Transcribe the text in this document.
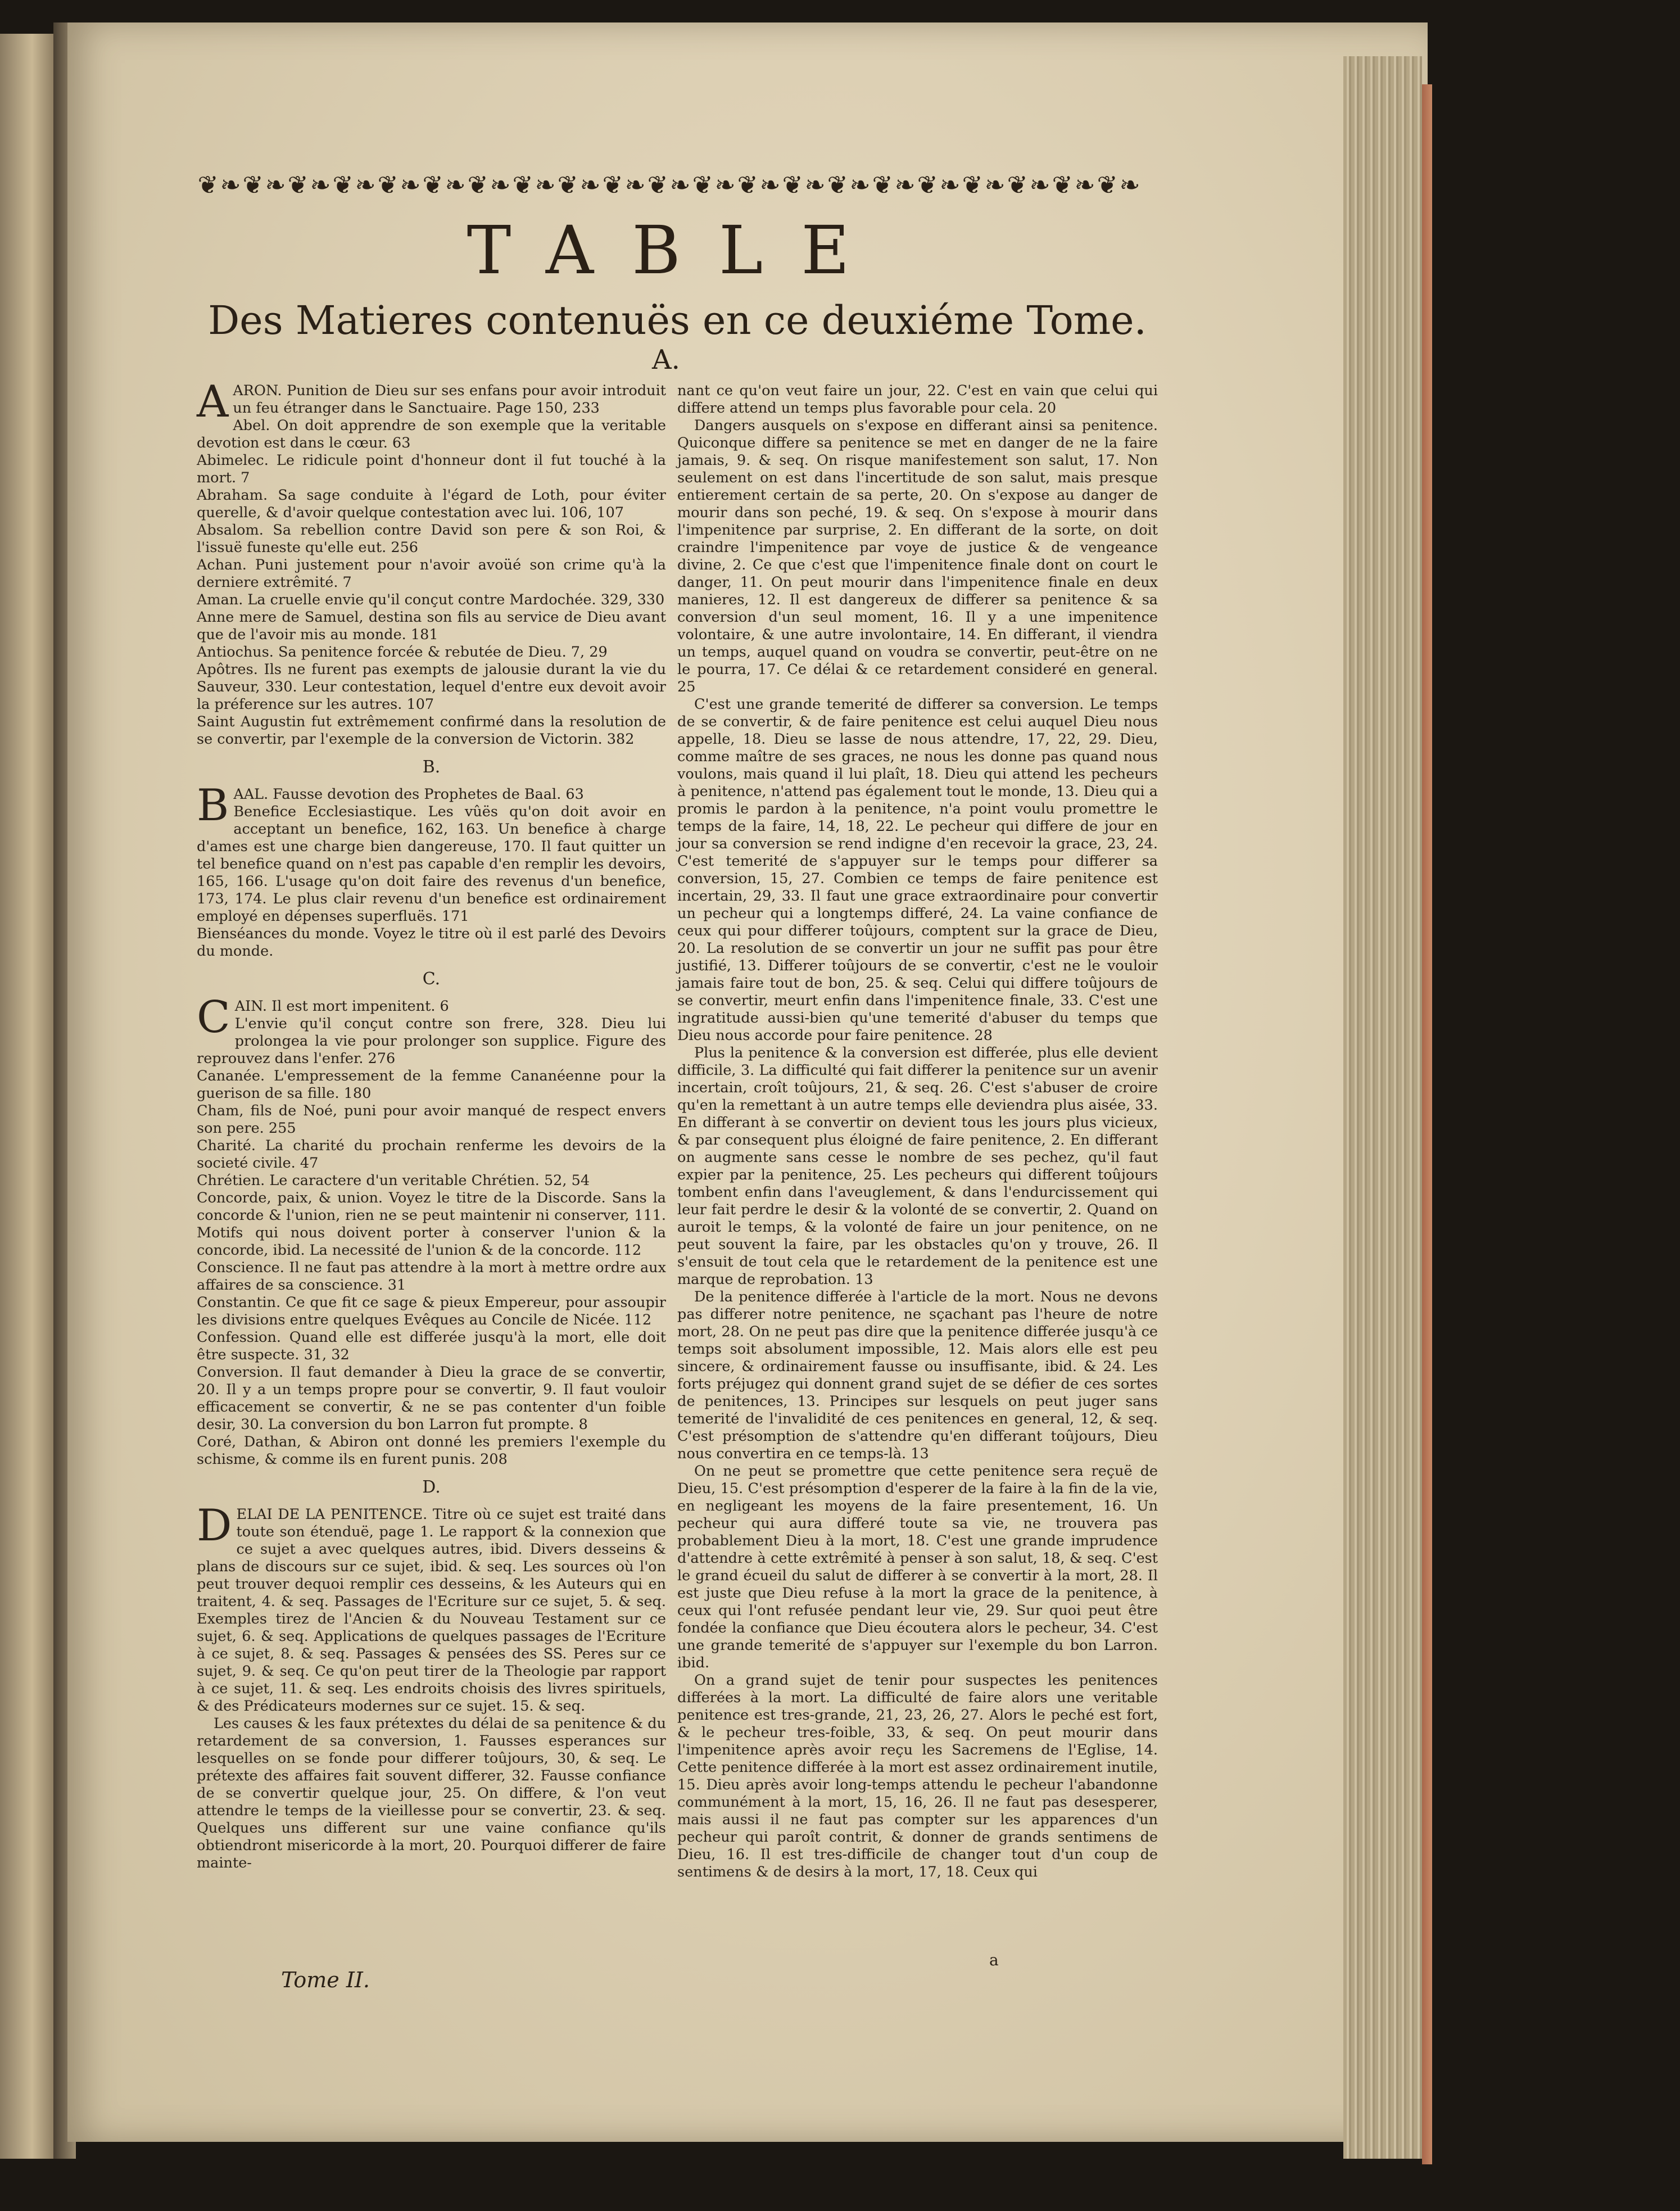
❦ ❧ ❦ ❧ ❦ ❧ ❦ ❧ ❦ ❧ ❦ ❧ ❦ ❧ ❦ ❧ ❦ ❧ ❦ ❧ ❦ ❧ ❦ ❧ ❦ ❧ ❦ ❧ ❦ ❧ ❦ ❧ ❦ ❧ ❦ ❧ ❦ ❧ ❦ ❧ ❦ ❧
TABLE
Des Matieres contenuës en ce deuxiéme Tome.
A.

AARON. Punition de Dieu sur ses enfans pour avoir introduit un feu étranger dans le Sanctuaire. Page 150, 233

Abel. On doit apprendre de son exemple que la veritable devotion est dans le cœur. 63

Abimelec. Le ridicule point d'honneur dont il fut touché à la mort. 7

Abraham. Sa sage conduite à l'égard de Loth, pour éviter querelle, & d'avoir quelque contestation avec lui. 106, 107

Absalom. Sa rebellion contre David son pere & son Roi, & l'issuë funeste qu'elle eut. 256

Achan. Puni justement pour n'avoir avoüé son crime qu'à la derniere extrêmité. 7

Aman. La cruelle envie qu'il conçut contre Mardochée. 329, 330

Anne mere de Samuel, destina son fils au service de Dieu avant que de l'avoir mis au monde. 181

Antiochus. Sa penitence forcée & rebutée de Dieu. 7, 29

Apôtres. Ils ne furent pas exempts de jalousie durant la vie du Sauveur, 330. Leur contestation, lequel d'entre eux devoit avoir la préference sur les autres. 107

Saint Augustin fut extrêmement confirmé dans la resolution de se convertir, par l'exemple de la conversion de Victorin. 382

B.

BAAL. Fausse devotion des Prophetes de Baal. 63

Benefice Ecclesiastique. Les vûës qu'on doit avoir en acceptant un benefice, 162, 163. Un benefice à charge d'ames est une charge bien dangereuse, 170. Il faut quitter un tel benefice quand on n'est pas capable d'en remplir les devoirs, 165, 166. L'usage qu'on doit faire des revenus d'un benefice, 173, 174. Le plus clair revenu d'un benefice est ordinairement employé en dépenses superfluës. 171

Bienséances du monde. Voyez le titre où il est parlé des Devoirs du monde.

C.

CAIN. Il est mort impenitent. 6

L'envie qu'il conçut contre son frere, 328. Dieu lui prolongea la vie pour prolonger son supplice. Figure des reprouvez dans l'enfer. 276

Cananée. L'empressement de la femme Cananéenne pour la guerison de sa fille. 180

Cham, fils de Noé, puni pour avoir manqué de respect envers son pere. 255

Charité. La charité du prochain renferme les devoirs de la societé civile. 47

Chrétien. Le caractere d'un veritable Chrétien. 52, 54

Concorde, paix, & union. Voyez le titre de la Discorde. Sans la concorde & l'union, rien ne se peut maintenir ni conserver, 111. Motifs qui nous doivent porter à conserver l'union & la concorde, ibid. La necessité de l'union & de la concorde. 112

Conscience. Il ne faut pas attendre à la mort à mettre ordre aux affaires de sa conscience. 31

Constantin. Ce que fit ce sage & pieux Empereur, pour assoupir les divisions entre quelques Evêques au Concile de Nicée. 112

Confession. Quand elle est differée jusqu'à la mort, elle doit être suspecte. 31, 32

Conversion. Il faut demander à Dieu la grace de se convertir, 20. Il y a un temps propre pour se convertir, 9. Il faut vouloir efficacement se convertir, & ne se pas contenter d'un foible desir, 30. La conversion du bon Larron fut prompte. 8

Coré, Dathan, & Abiron ont donné les premiers l'exemple du schisme, & comme ils en furent punis. 208

D.

DELAI DE LA PENITENCE. Titre où ce sujet est traité dans toute son étenduë, page 1. Le rapport & la connexion que ce sujet a avec quelques autres, ibid. Divers desseins & plans de discours sur ce sujet, ibid. & seq. Les sources où l'on peut trouver dequoi remplir ces desseins, & les Auteurs qui en traitent, 4. & seq. Passages de l'Ecriture sur ce sujet, 5. & seq. Exemples tirez de l'Ancien & du Nouveau Testament sur ce sujet, 6. & seq. Applications de quelques passages de l'Ecriture à ce sujet, 8. & seq. Passages & pensées des SS. Peres sur ce sujet, 9. & seq. Ce qu'on peut tirer de la Theologie par rapport à ce sujet, 11. & seq. Les endroits choisis des livres spirituels, & des Prédicateurs modernes sur ce sujet. 15. & seq.

Les causes & les faux prétextes du délai de sa penitence & du retardement de sa conversion, 1. Fausses esperances sur lesquelles on se fonde pour differer toûjours, 30, & seq. Le prétexte des affaires fait souvent differer, 32. Fausse confiance de se convertir quelque jour, 25. On differe, & l'on veut attendre le temps de la vieillesse pour se convertir, 23. & seq. Quelques uns different sur une vaine confiance qu'ils obtiendront misericorde à la mort, 20. Pourquoi differer de faire mainte-

nant ce qu'on veut faire un jour, 22. C'est en vain que celui qui differe attend un temps plus favorable pour cela. 20

Dangers ausquels on s'expose en differant ainsi sa penitence. Quiconque differe sa penitence se met en danger de ne la faire jamais, 9. & seq. On risque manifestement son salut, 17. Non seulement on est dans l'incertitude de son salut, mais presque entierement certain de sa perte, 20. On s'expose au danger de mourir dans son peché, 19. & seq. On s'expose à mourir dans l'impenitence par surprise, 2. En differant de la sorte, on doit craindre l'impenitence par voye de justice & de vengeance divine, 2. Ce que c'est que l'impenitence finale dont on court le danger, 11. On peut mourir dans l'impenitence finale en deux manieres, 12. Il est dangereux de differer sa penitence & sa conversion d'un seul moment, 16. Il y a une impenitence volontaire, & une autre involontaire, 14. En differant, il viendra un temps, auquel quand on voudra se convertir, peut-être on ne le pourra, 17. Ce délai & ce retardement consideré en general. 25

C'est une grande temerité de differer sa conversion. Le temps de se convertir, & de faire penitence est celui auquel Dieu nous appelle, 18. Dieu se lasse de nous attendre, 17, 22, 29. Dieu, comme maître de ses graces, ne nous les donne pas quand nous voulons, mais quand il lui plaît, 18. Dieu qui attend les pecheurs à penitence, n'attend pas également tout le monde, 13. Dieu qui a promis le pardon à la penitence, n'a point voulu promettre le temps de la faire, 14, 18, 22. Le pecheur qui differe de jour en jour sa conversion se rend indigne d'en recevoir la grace, 23, 24. C'est temerité de s'appuyer sur le temps pour differer sa conversion, 15, 27. Combien ce temps de faire penitence est incertain, 29, 33. Il faut une grace extraordinaire pour convertir un pecheur qui a longtemps differé, 24. La vaine confiance de ceux qui pour differer toûjours, comptent sur la grace de Dieu, 20. La resolution de se convertir un jour ne suffit pas pour être justifié, 13. Differer toûjours de se convertir, c'est ne le vouloir jamais faire tout de bon, 25. & seq. Celui qui differe toûjours de se convertir, meurt enfin dans l'impenitence finale, 33. C'est une ingratitude aussi-bien qu'une temerité d'abuser du temps que Dieu nous accorde pour faire penitence. 28

Plus la penitence & la conversion est differée, plus elle devient difficile, 3. La difficulté qui fait differer la penitence sur un avenir incertain, croît toûjours, 21, & seq. 26. C'est s'abuser de croire qu'en la remettant à un autre temps elle deviendra plus aisée, 33. En differant à se convertir on devient tous les jours plus vicieux, & par consequent plus éloigné de faire penitence, 2. En differant on augmente sans cesse le nombre de ses pechez, qu'il faut expier par la penitence, 25. Les pecheurs qui different toûjours tombent enfin dans l'aveuglement, & dans l'endurcissement qui leur fait perdre le desir & la volonté de se convertir, 2. Quand on auroit le temps, & la volonté de faire un jour penitence, on ne peut souvent la faire, par les obstacles qu'on y trouve, 26. Il s'ensuit de tout cela que le retardement de la penitence est une marque de reprobation. 13

De la penitence differée à l'article de la mort. Nous ne devons pas differer notre penitence, ne sçachant pas l'heure de notre mort, 28. On ne peut pas dire que la penitence differée jusqu'à ce temps soit absolument impossible, 12. Mais alors elle est peu sincere, & ordinairement fausse ou insuffisante, ibid. & 24. Les forts préjugez qui donnent grand sujet de se défier de ces sortes de penitences, 13. Principes sur lesquels on peut juger sans temerité de l'invalidité de ces penitences en general, 12, & seq. C'est présomption de s'attendre qu'en differant toûjours, Dieu nous convertira en ce temps-là. 13

On ne peut se promettre que cette penitence sera reçuë de Dieu, 15. C'est présomption d'esperer de la faire à la fin de la vie, en negligeant les moyens de la faire presentement, 16. Un pecheur qui aura differé toute sa vie, ne trouvera pas probablement Dieu à la mort, 18. C'est une grande imprudence d'attendre à cette extrêmité à penser à son salut, 18, & seq. C'est le grand écueil du salut de differer à se convertir à la mort, 28. Il est juste que Dieu refuse à la mort la grace de la penitence, à ceux qui l'ont refusée pendant leur vie, 29. Sur quoi peut être fondée la confiance que Dieu écoutera alors le pecheur, 34. C'est une grande temerité de s'appuyer sur l'exemple du bon Larron. ibid.

On a grand sujet de tenir pour suspectes les penitences differées à la mort. La difficulté de faire alors une veritable penitence est tres-grande, 21, 23, 26, 27. Alors le peché est fort, & le pecheur tres-foible, 33, & seq. On peut mourir dans l'impenitence après avoir reçu les Sacremens de l'Eglise, 14. Cette penitence differée à la mort est assez ordinairement inutile, 15. Dieu après avoir long-temps attendu le pecheur l'abandonne communément à la mort, 15, 16, 26. Il ne faut pas desesperer, mais aussi il ne faut pas compter sur les apparences d'un pecheur qui paroît contrit, & donner de grands sentimens de Dieu, 16. Il est tres-difficile de changer tout d'un coup de sentimens & de desirs à la mort, 17, 18. Ceux qui

Tome II.
a
